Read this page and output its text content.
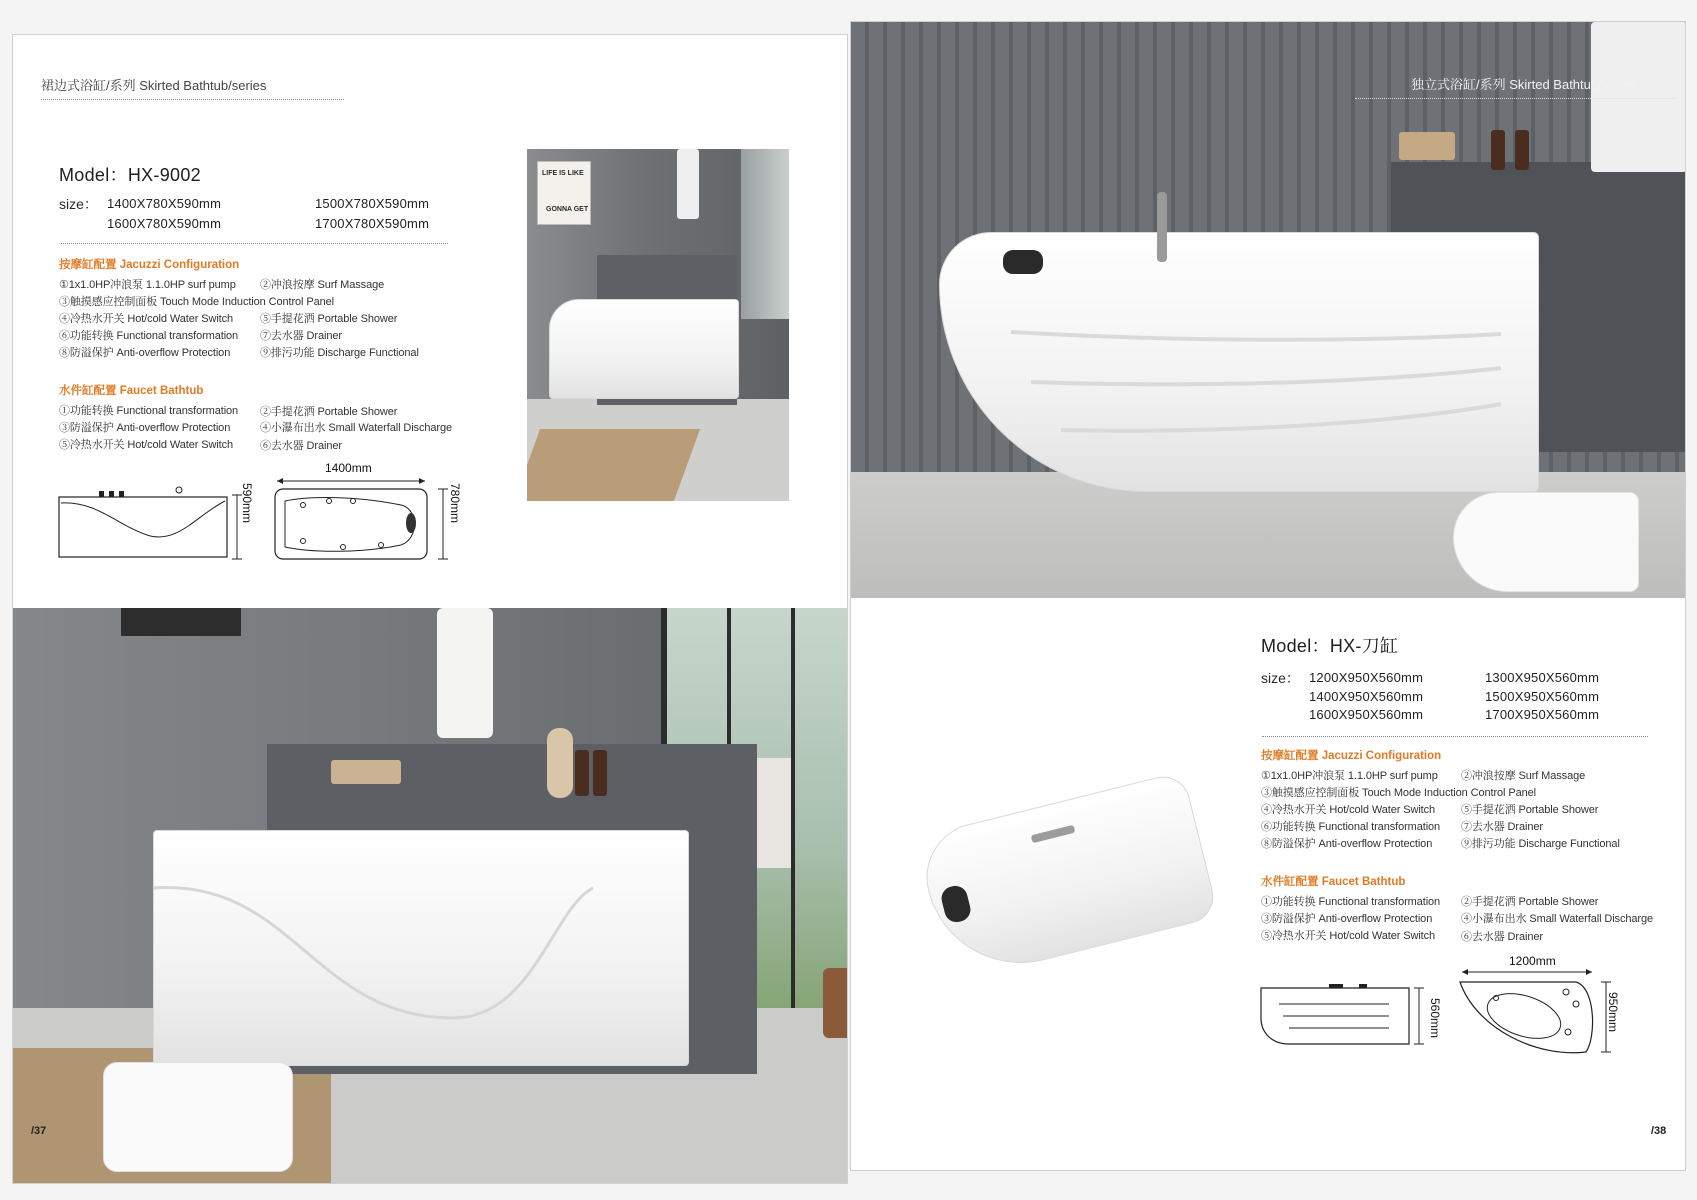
裙边式浴缸/系列 Skirted Bathtub/series
Model：HX-9002
size： 1400X780X590mm	1500X780X590mm
1600X780X590mm	1700X780X590mm
按摩缸配置 Jacuzzi Configuration
①1x1.0HP冲浪泵 1.1.0HP surf pump ②冲浪按摩 Surf Massage
③触摸感应控制面板 Touch Mode Induction Control Panel
④冷热水开关 Hot/cold Water Switch ⑤手提花洒 Portable Shower
⑥功能转换 Functional transformation ⑦去水器 Drainer
⑧防溢保护 Anti-overflow Protection	⑨排污功能 Discharge Functional
水件缸配置 Faucet Bathtub
①功能转换 Functional transformation ②手提花洒 Portable Shower
③防溢保护 Anti-overflow Protection	④小瀑布出水 Small Waterfall Discharge
⑤冷热水开关 Hot/cold Water Switch ⑥去水器 Drainer
590mm
1400mm
780mm
LIFE IS LIKE
GONNA GET
/37
独立式浴缸/系列 Skirted Bathtub/series
Model：HX-刀缸
size： 1200X950X560mm	1300X950X560mm
1400X950X560mm	1500X950X560mm
1600X950X560mm	1700X950X560mm
按摩缸配置 Jacuzzi Configuration
①1x1.0HP冲浪泵 1.1.0HP surf pump ②冲浪按摩 Surf Massage
③触摸感应控制面板 Touch Mode Induction Control Panel
④冷热水开关 Hot/cold Water Switch ⑤手提花洒 Portable Shower
⑥功能转换 Functional transformation ⑦去水器 Drainer
⑧防溢保护 Anti-overflow Protection	⑨排污功能 Discharge Functional
水件缸配置 Faucet Bathtub
①功能转换 Functional transformation ②手提花洒 Portable Shower
③防溢保护 Anti-overflow Protection	④小瀑布出水 Small Waterfall Discharge
⑤冷热水开关 Hot/cold Water Switch ⑥去水器 Drainer
560mm
1200mm
950mm
/38
